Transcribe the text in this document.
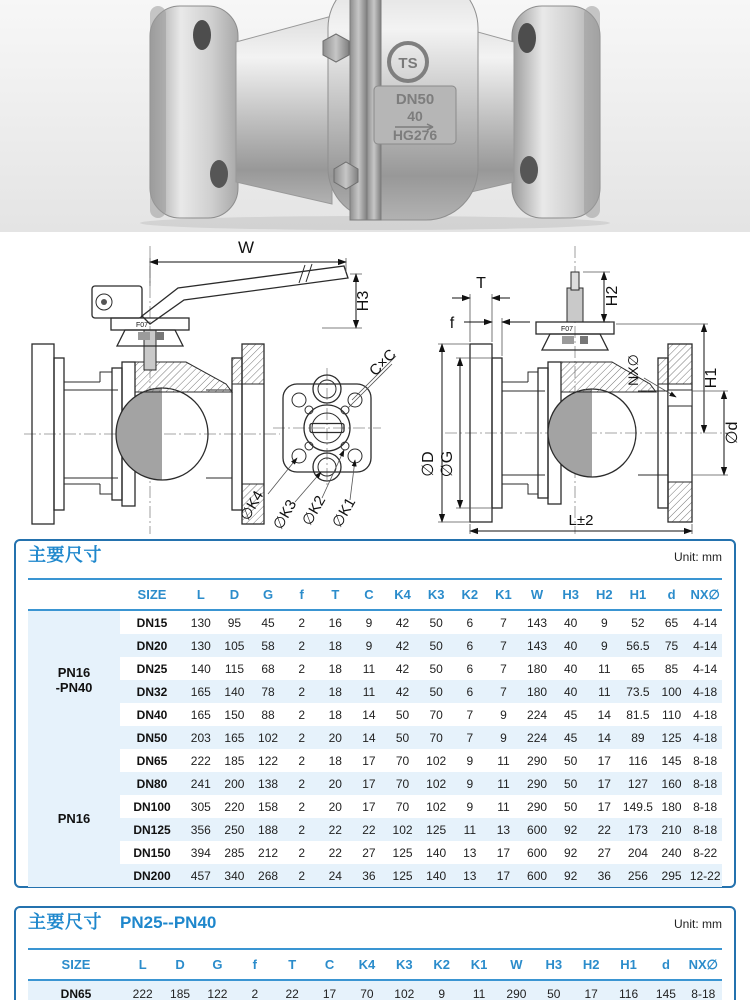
TS
DN50
40
HG276
F07
W
H3
C×C
∅K4 ∅K3
∅K2 ∅K1
F07
T
f
H2
NX∅	H1
∅d
∅D ∅G
L±2
主要尺寸	Unit: mm
	SIZE	L	D	G	f	T	C	K4	K3	K2	K1	W	H3	H2	H1	d	NX∅

PN16
-PN40	DN15	130	95	45	2	16	9	42	50	6	7	143	40	9	52	65	4-14
	DN20	130	105	58	2	18	9	42	50	6	7	143	40	9	56.5	75	4-14
	DN25	140	115	68	2	18	11	42	50	6	7	180	40	11	65	85	4-14
	DN32	165	140	78	2	18	11	42	50	6	7	180	40	11	73.5	100	4-18
	DN40	165	150	88	2	18	14	50	70	7	9	224	45	14	81.5	110	4-18
	DN50	203	165	102	2	20	14	50	70	7	9	224	45	14	89	125	4-18

PN16	DN65	222	185	122	2	18	17	70	102	9	11	290	50	17	116	145	8-18
	DN80	241	200	138	2	20	17	70	102	9	11	290	50	17	127	160	8-18
	DN100	305	220	158	2	20	17	70	102	9	11	290	50	17	149.5	180	8-18
	DN125	356	250	188	2	22	22	102	125	11	13	600	92	22	173	210	8-18
	DN150	394	285	212	2	22	27	125	140	13	17	600	92	27	204	240	8-22
	DN200	457	340	268	2	24	36	125	140	13	17	600	92	36	256	295	12-22
主要尺寸 PN25--PN40	Unit: mm
SIZE	L	D	G	f	T	C	K4	K3	K2	K1	W	H3	H2	H1	d	NX∅
DN65	222	185	122	2	22	17	70	102	9	11	290	50	17	116	145	8-18
